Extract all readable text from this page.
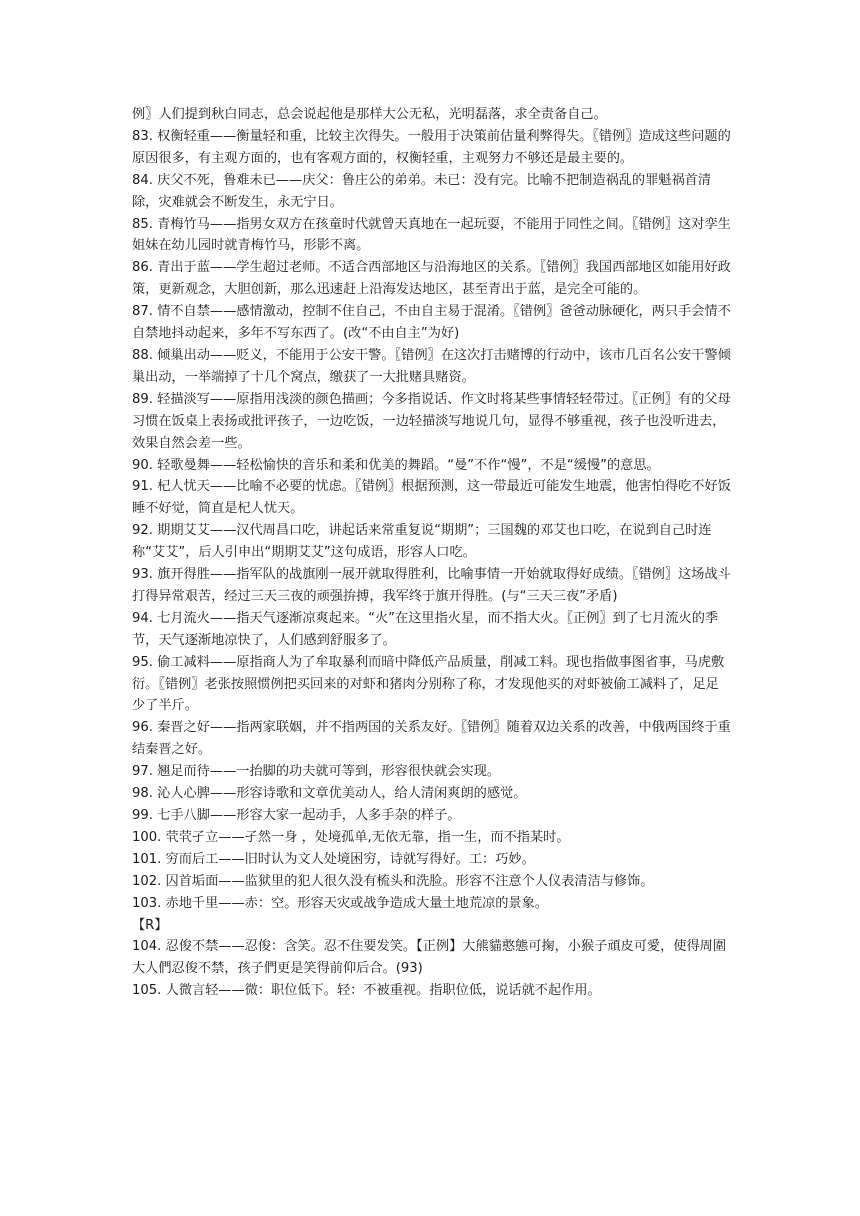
例〗人们提到秋白同志，总会说起他是那样大公无私，光明磊落，求全责备自己。

83. 权衡轻重——衡量轻和重，比较主次得失。一般用于决策前估量利弊得失。〖错例〗造成这些问题的原因很多，有主观方面的，也有客观方面的，权衡轻重，主观努力不够还是最主要的。

84. 庆父不死，鲁难未已——庆父：鲁庄公的弟弟。未已：没有完。比喻不把制造祸乱的罪魁祸首清除，灾难就会不断发生，永无宁日。

85. 青梅竹马——指男女双方在孩童时代就曾天真地在一起玩耍，不能用于同性之间。〖错例〗这对孪生姐妹在幼儿园时就青梅竹马，形影不离。

86. 青出于蓝——学生超过老师。不适合西部地区与沿海地区的关系。〖错例〗我国西部地区如能用好政策，更新观念，大胆创新，那么迅速赶上沿海发达地区，甚至青出于蓝，是完全可能的。

87. 情不自禁——感情激动，控制不住自己，不由自主易于混淆。〖错例〗爸爸动脉硬化，两只手会情不自禁地抖动起来，多年不写东西了。(改“不由自主”为好)

88. 倾巢出动——贬义，不能用于公安干警。〖错例〗在这次打击赌博的行动中，该市几百名公安干警倾巢出动，一举端掉了十几个窝点，缴获了一大批赌具赌资。

89. 轻描淡写——原指用浅淡的颜色描画；今多指说话、作文时将某些事情轻轻带过。〖正例〗有的父母习惯在饭桌上表扬或批评孩子，一边吃饭，一边轻描淡写地说几句，显得不够重视，孩子也没听进去，效果自然会差一些。

90. 轻歌曼舞——轻松愉快的音乐和柔和优美的舞蹈。“曼”不作“慢”，不是“缓慢”的意思。

91. 杞人忧天——比喻不必要的忧虑。〖错例〗根据预测，这一带最近可能发生地震，他害怕得吃不好饭睡不好觉，简直是杞人忧天。

92. 期期艾艾——汉代周昌口吃，讲起话来常重复说“期期”；三国魏的邓艾也口吃，在说到自己时连称“艾艾”，后人引申出“期期艾艾”这句成语，形容人口吃。

93. 旗开得胜——指军队的战旗刚一展开就取得胜利，比喻事情一开始就取得好成绩。〖错例〗这场战斗打得异常艰苦，经过三天三夜的顽强拚搏，我军终于旗开得胜。(与“三天三夜”矛盾)

94. 七月流火——指天气逐渐凉爽起来。“火”在这里指火星，而不指大火。〖正例〗到了七月流火的季节，天气逐渐地凉快了，人们感到舒服多了。

95. 偷工减料——原指商人为了牟取暴利而暗中降低产品质量，削减工料。现也指做事图省事，马虎敷衍。〖错例〗老张按照惯例把买回来的对虾和猪肉分别称了称，才发现他买的对虾被偷工减料了，足足少了半斤。

96. 秦晋之好——指两家联姻，并不指两国的关系友好。〖错例〗随着双边关系的改善，中俄两国终于重结秦晋之好。

97. 翘足而待——一抬脚的功夫就可等到，形容很快就会实现。

98. 沁人心脾——形容诗歌和文章优美动人，给人清闲爽朗的感觉。

99. 七手八脚——形容大家一起动手，人多手杂的样子。

100. 茕茕孑立——孑然一身 ，处境孤单,无依无靠，指一生，而不指某时。

101. 穷而后工——旧时认为文人处境困穷，诗就写得好。工：巧妙。

102. 囚首垢面——监狱里的犯人很久没有梳头和洗脸。形容不注意个人仪表清洁与修饰。

103. 赤地千里——赤：空。形容天灾或战争造成大量土地荒凉的景象。

【R】

104. 忍俊不禁——忍俊：含笑。忍不住要发笑。【正例】大熊貓憨態可掬，小猴子頑皮可愛，使得周圍大人們忍俊不禁，孩子們更是笑得前仰后合。(93)

105. 人微言轻——微：职位低下。轻：不被重视。指职位低，说话就不起作用。
